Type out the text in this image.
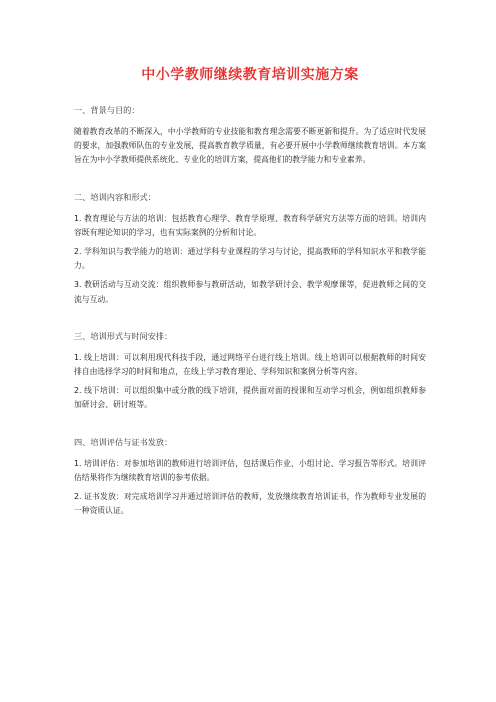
中小学教师继续教育培训实施方案
一、背景与目的：

随着教育改革的不断深入，中小学教师的专业技能和教育理念需要不断更新和提升。为了适应时代发展的要求，加强教师队伍的专业发展，提高教育教学质量，有必要开展中小学教师继续教育培训。本方案旨在为中小学教师提供系统化、专业化的培训方案，提高他们的教学能力和专业素养。

二、培训内容和形式：

1. 教育理论与方法的培训：包括教育心理学、教育学原理、教育科学研究方法等方面的培训。培训内容既有理论知识的学习，也有实际案例的分析和讨论。

2. 学科知识与教学能力的培训：通过学科专业课程的学习与讨论，提高教师的学科知识水平和教学能力。

3. 教研活动与互动交流：组织教师参与教研活动，如教学研讨会、教学观摩课等，促进教师之间的交流与互动。

三、培训形式与时间安排：

1. 线上培训：可以利用现代科技手段，通过网络平台进行线上培训。线上培训可以根据教师的时间安排自由选择学习的时间和地点，在线上学习教育理论、学科知识和案例分析等内容。

2. 线下培训：可以组织集中或分散的线下培训，提供面对面的授课和互动学习机会，例如组织教师参加研讨会、研讨班等。

四、培训评估与证书发放：

1. 培训评估：对参加培训的教师进行培训评估，包括课后作业、小组讨论、学习报告等形式。培训评估结果将作为继续教育培训的参考依据。

2. 证书发放：对完成培训学习并通过培训评估的教师，发放继续教育培训证书，作为教师专业发展的一种资质认证。
